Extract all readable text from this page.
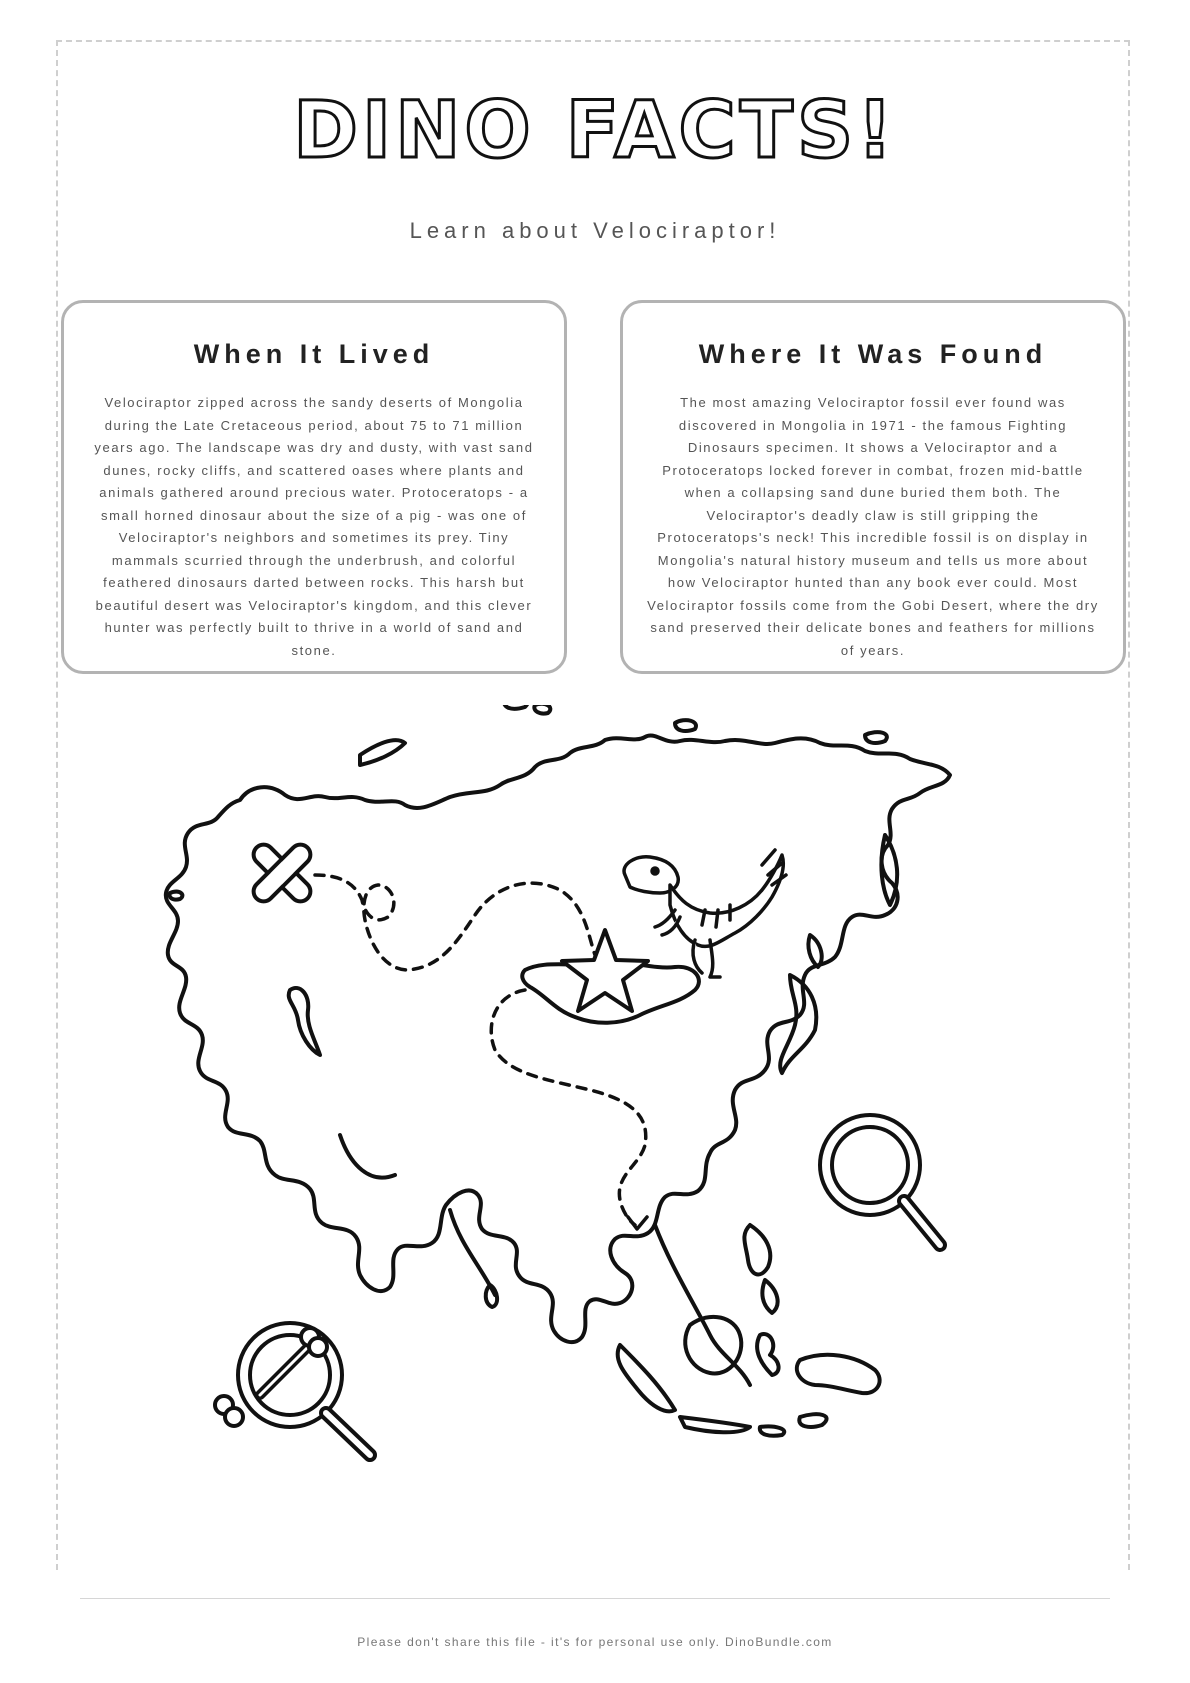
DINO FACTS!
Learn about Velociraptor!
When It Lived

Velociraptor zipped across the sandy deserts of Mongolia during the Late Cretaceous period, about 75 to 71 million years ago. The landscape was dry and dusty, with vast sand dunes, rocky cliffs, and scattered oases where plants and animals gathered around precious water. Protoceratops - a small horned dinosaur about the size of a pig - was one of Velociraptor's neighbors and sometimes its prey. Tiny mammals scurried through the underbrush, and colorful feathered dinosaurs darted between rocks. This harsh but beautiful desert was Velociraptor's kingdom, and this clever hunter was perfectly built to thrive in a world of sand and stone.

Where It Was Found

The most amazing Velociraptor fossil ever found was discovered in Mongolia in 1971 - the famous Fighting Dinosaurs specimen. It shows a Velociraptor and a Protoceratops locked forever in combat, frozen mid-battle when a collapsing sand dune buried them both. The Velociraptor's deadly claw is still gripping the Protoceratops's neck! This incredible fossil is on display in Mongolia's natural history museum and tells us more about how Velociraptor hunted than any book ever could. Most Velociraptor fossils come from the Gobi Desert, where the dry sand preserved their delicate bones and feathers for millions of years.

Please don't share this file - it's for personal use only. DinoBundle.com
